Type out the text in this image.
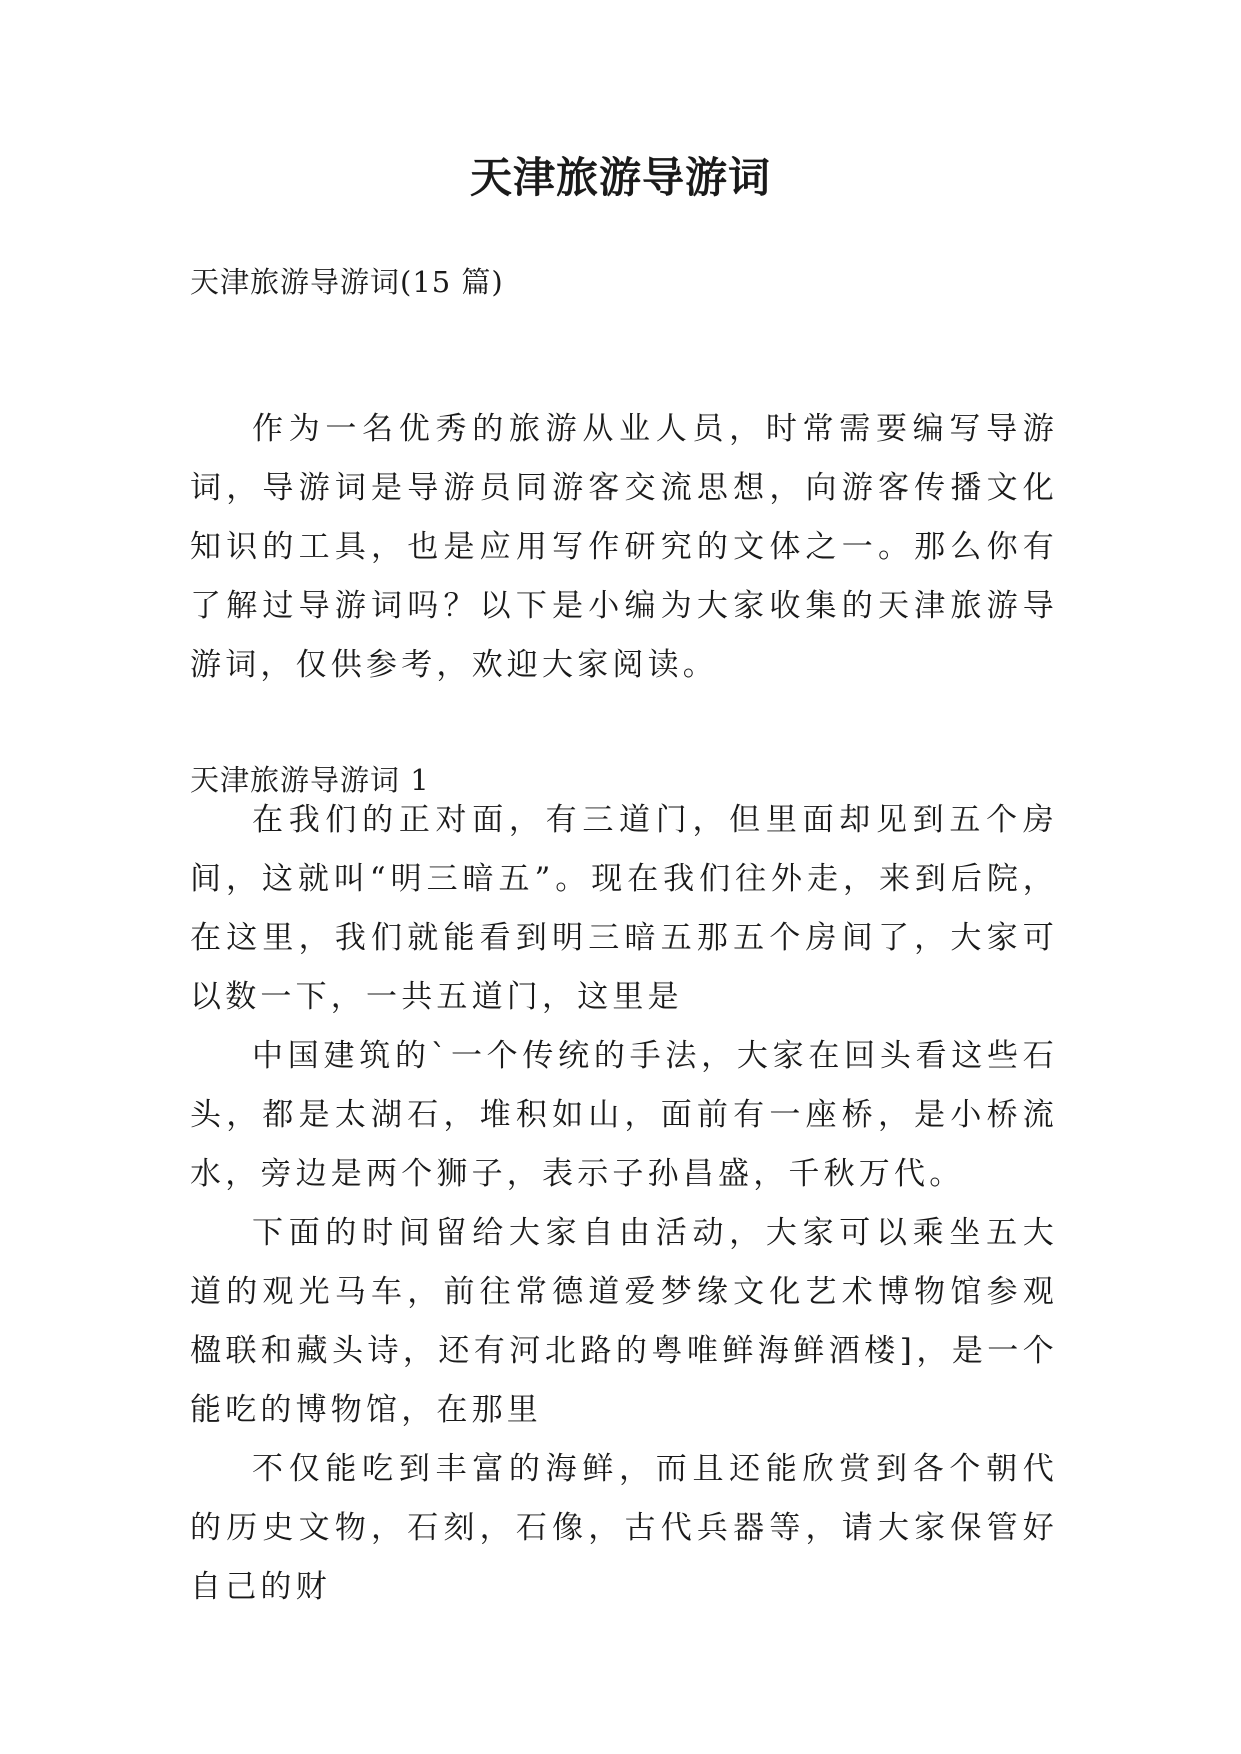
天津旅游导游词
天津旅游导游词(15 篇)

作为一名优秀的旅游从业人员，时常需要编写导游词，导游词是导游员同游客交流思想，向游客传播文化知识的工具，也是应用写作研究的文体之一。那么你有了解过导游词吗？以下是小编为大家收集的天津旅游导游词，仅供参考，欢迎大家阅读。

天津旅游导游词 1

在我们的正对面，有三道门，但里面却见到五个房间，这就叫“明三暗五”。现在我们往外走，来到后院，在这里，我们就能看到明三暗五那五个房间了，大家可以数一下，一共五道门，这里是

中国建筑的`一个传统的手法，大家在回头看这些石头，都是太湖石，堆积如山，面前有一座桥，是小桥流水，旁边是两个狮子，表示子孙昌盛，千秋万代。

下面的时间留给大家自由活动，大家可以乘坐五大道的观光马车，前往常德道爱梦缘文化艺术博物馆参观楹联和藏头诗，还有河北路的粤唯鲜海鲜酒楼]，是一个能吃的博物馆，在那里

不仅能吃到丰富的海鲜，而且还能欣赏到各个朝代的历史文物，石刻，石像，古代兵器等，请大家保管好自己的财
